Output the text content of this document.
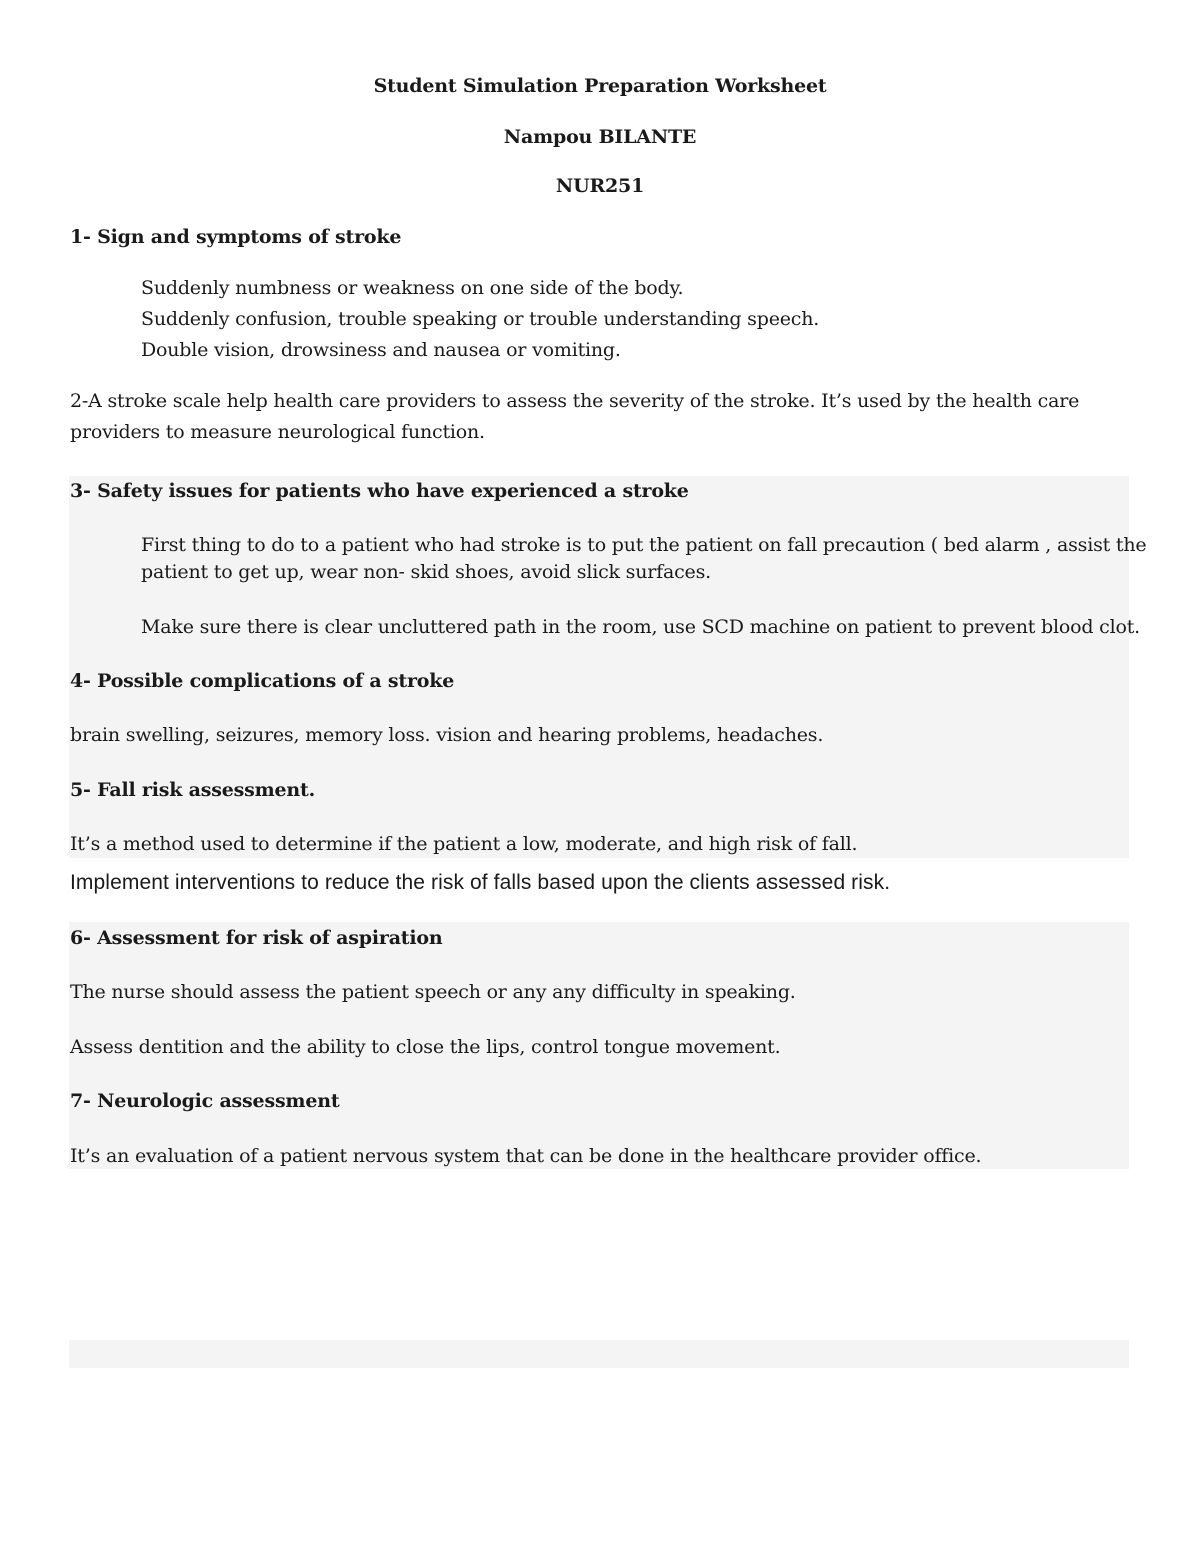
Student Simulation Preparation Worksheet
Nampou BILANTE
NUR251
1- Sign and symptoms of stroke
Suddenly numbness or weakness on one side of the body.
Suddenly confusion, trouble speaking or trouble understanding speech.
Double vision, drowsiness and nausea or vomiting.
2-A stroke scale help health care providers to assess the severity of the stroke. It’s used by the health care
providers to measure neurological function.
3- Safety issues for patients who have experienced a stroke
First thing to do to a patient who had stroke is to put the patient on fall precaution ( bed alarm , assist the
patient to get up, wear non- skid shoes, avoid slick surfaces.
Make sure there is clear uncluttered path in the room, use SCD machine on patient to prevent blood clot.
4- Possible complications of a stroke
brain swelling, seizures, memory loss. vision and hearing problems, headaches.
5- Fall risk assessment.
It’s a method used to determine if the patient a low, moderate, and high risk of fall.
Implement interventions to reduce the risk of falls based upon the clients assessed risk.
6- Assessment for risk of aspiration
The nurse should assess the patient speech or any any difficulty in speaking.
Assess dentition and the ability to close the lips, control tongue movement.
7- Neurologic assessment
It’s an evaluation of a patient nervous system that can be done in the healthcare provider office.
